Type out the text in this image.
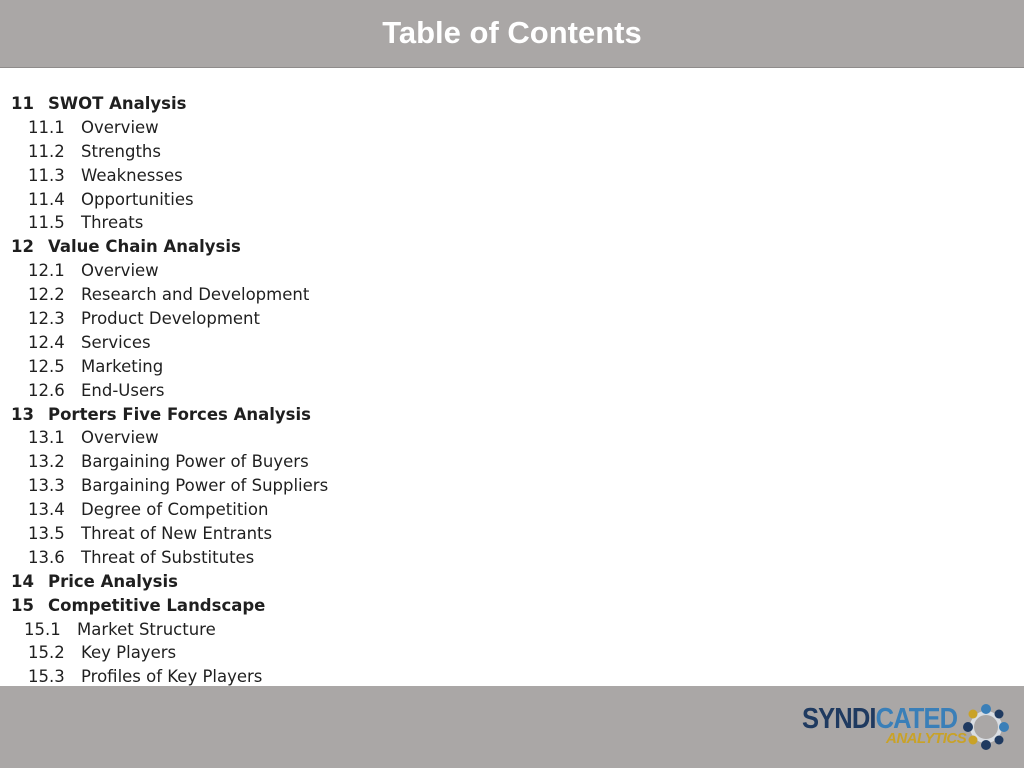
Table of Contents
11 SWOT Analysis
11.1 Overview
11.2 Strengths
11.3 Weaknesses
11.4 Opportunities
11.5 Threats
12 Value Chain Analysis
12.1 Overview
12.2 Research and Development
12.3 Product Development
12.4 Services
12.5 Marketing
12.6 End-Users
13 Porters Five Forces Analysis
13.1 Overview
13.2 Bargaining Power of Buyers
13.3 Bargaining Power of Suppliers
13.4 Degree of Competition
13.5 Threat of New Entrants
13.6 Threat of Substitutes
14 Price Analysis
15 Competitive Landscape
15.1 Market Structure
15.2 Key Players
15.3 Profiles of Key Players
SYNDICATED
ANALYTICS
